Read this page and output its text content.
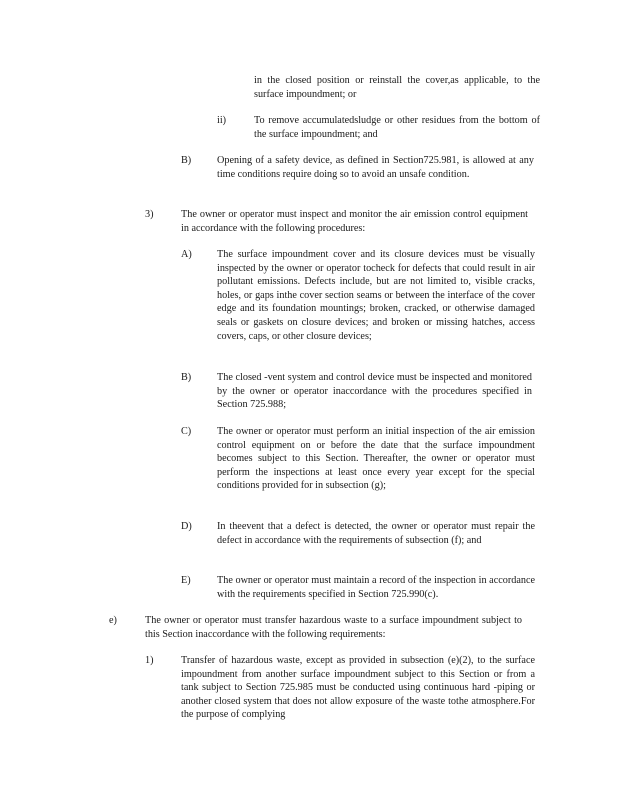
in the closed position or reinstall the cover,as applicable, to the surface impoundment; or

ii)	To remove accumulatedsludge or other residues from the bottom of the surface impoundment; and

B)	Opening of a safety device, as defined in Section725.981, is allowed at any time conditions require doing so to avoid an unsafe condition.

3)	The owner or operator must inspect and monitor the air emission control equipment in accordance with the following procedures:

A) The surface impoundment cover and its closure devices must be visually inspected by the owner or operator tocheck for defects that could result in air pollutant emissions. Defects include, but are not limited to, visible cracks, holes, or gaps inthe cover section seams or between the interface of the cover edge and its foundation mountings; broken, cracked, or otherwise damaged seals or gaskets on closure devices; and broken or missing hatches, access covers, caps, or other closure devices;

B)	The closed -vent system and control device must be inspected and monitored by the owner or operator inaccordance with the procedures specified in Section 725.988;

C)	The owner or operator must perform an initial inspection of the air emission control equipment on or before the date that the surface impoundment becomes subject to this Section. Thereafter, the owner or operator must perform the inspections at least once every year except for the special conditions provided for in subsection (g);

D) In theevent that a defect is detected, the owner or operator must repair the defect in accordance with the requirements of subsection (f); and

E)	The owner or operator must maintain a record of the inspection in accordance with the requirements specified in Section 725.990(c).

e)	The owner or operator must transfer hazardous waste to a surface impoundment subject to this Section inaccordance with the following requirements:

1)	Transfer of hazardous waste, except as provided in subsection (e)(2), to the surface impoundment from another surface impoundment subject to this Section or from a tank subject to Section 725.985 must be conducted using continuous hard -piping or another closed system that does not allow exposure of the waste tothe atmosphere.For the purpose of complying
